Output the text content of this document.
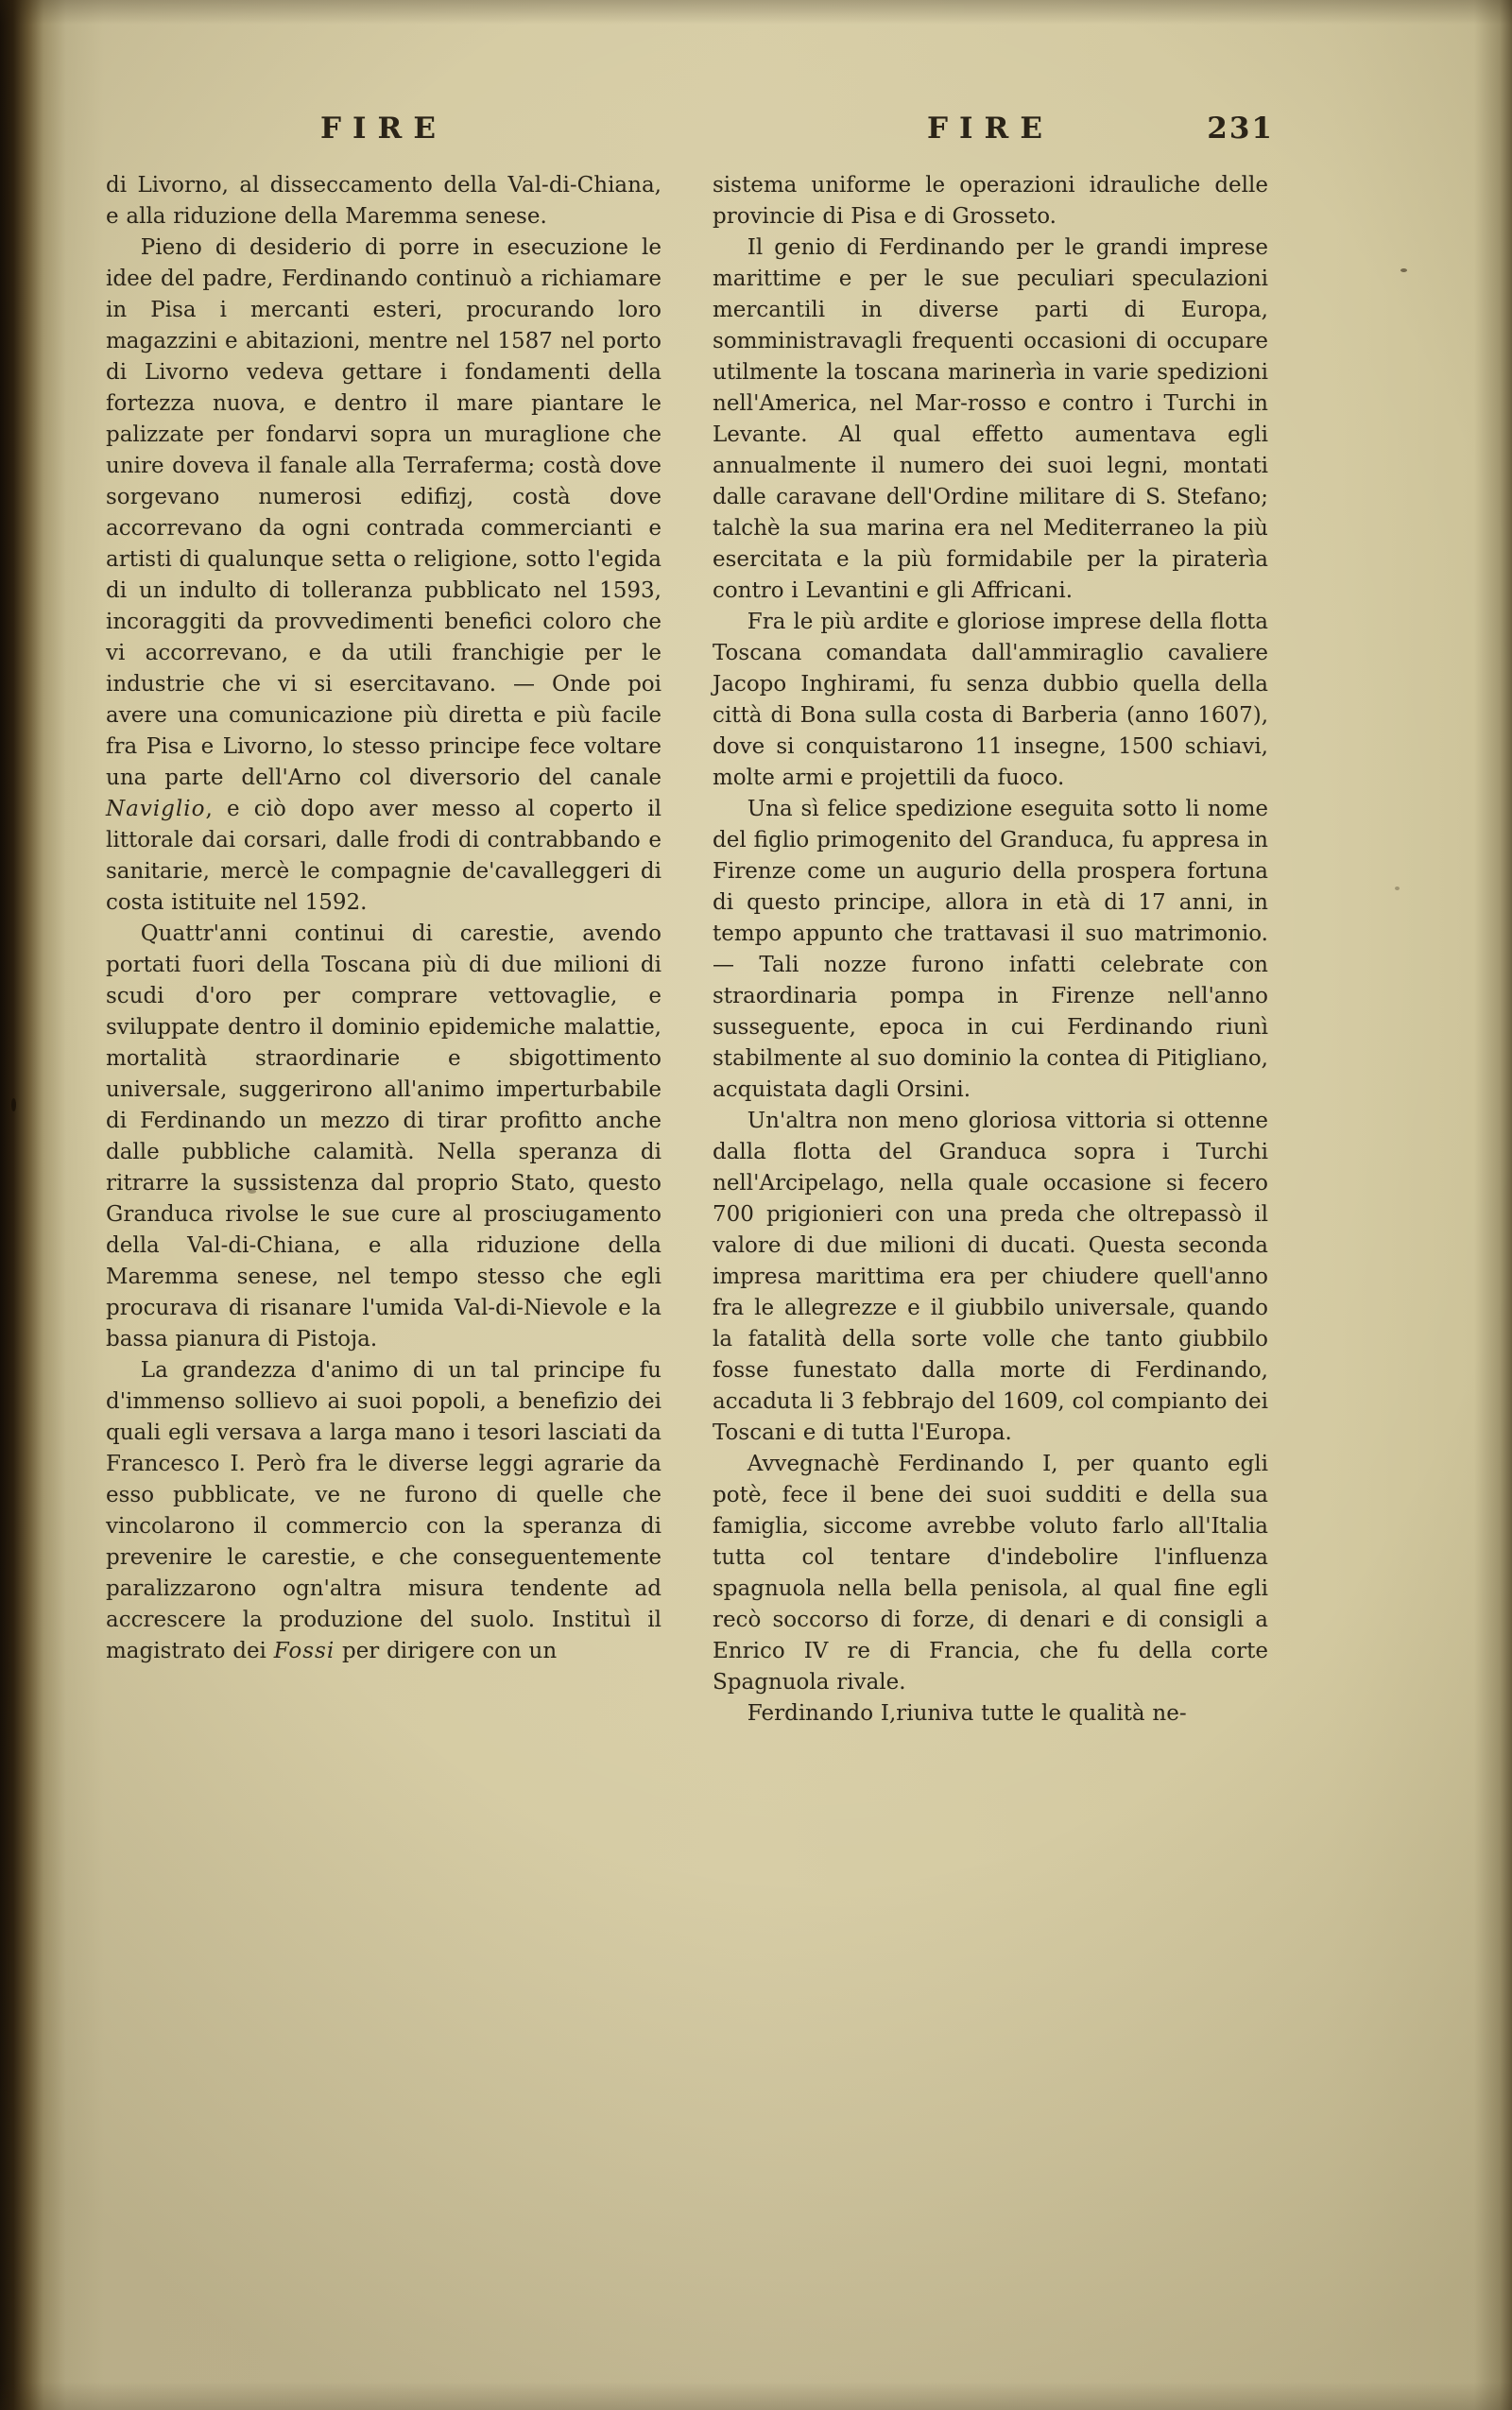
FIRE	FIRE	231

di Livorno, al disseccamento della Val-di-Chiana, e alla riduzione della Maremma senese.

Pieno di desiderio di porre in esecuzione le idee del padre, Ferdinando continuò a richiamare in Pisa i mercanti esteri, procurando loro magazzini e abitazioni, mentre nel 1587 nel porto di Livorno vedeva gettare i fondamenti della fortezza nuova, e dentro il mare piantare le palizzate per fondarvi sopra un muraglione che unire doveva il fanale alla Terraferma; costà dove sorgevano numerosi edifizj, costà dove accorrevano da ogni contrada commercianti e artisti di qualunque setta o religione, sotto l'egida di un indulto di tolleranza pubblicato nel 1593, incoraggiti da provvedimenti benefici coloro che vi accorrevano, e da utili franchigie per le industrie che vi si esercitavano. — Onde poi avere una comunicazione più diretta e più facile fra Pisa e Livorno, lo stesso principe fece voltare una parte dell'Arno col diversorio del canale Naviglio, e ciò dopo aver messo al coperto il littorale dai corsari, dalle frodi di contrabbando e sanitarie, mercè le compagnie de'cavalleggeri di costa istituite nel 1592.

Quattr'anni continui di carestie, avendo portati fuori della Toscana più di due milioni di scudi d'oro per comprare vettovaglie, e sviluppate dentro il dominio epidemiche malattie, mortalità straordinarie e sbigottimento universale, suggerirono all'animo imperturbabile di Ferdinando un mezzo di tirar profitto anche dalle pubbliche calamità. Nella speranza di ritrarre la sussistenza dal proprio Stato, questo Granduca rivolse le sue cure al prosciugamento della Val-di-Chiana, e alla riduzione della Maremma senese, nel tempo stesso che egli procurava di risanare l'umida Val-di-Nievole e la bassa pianura di Pistoja.

La grandezza d'animo di un tal principe fu d'immenso sollievo ai suoi popoli, a benefizio dei quali egli versava a larga mano i tesori lasciati da Francesco I. Però fra le diverse leggi agrarie da esso pubblicate, ve ne furono di quelle che vincolarono il commercio con la speranza di prevenire le carestie, e che conseguentemente paralizzarono ogn'altra misura tendente ad accrescere la produzione del suolo. Instituì il magistrato dei Fossi per dirigere con un

sistema uniforme le operazioni idrauliche delle provincie di Pisa e di Grosseto.

Il genio di Ferdinando per le grandi imprese marittime e per le sue peculiari speculazioni mercantili in diverse parti di Europa, somministravagli frequenti occasioni di occupare utilmente la toscana marinerìa in varie spedizioni nell'America, nel Mar-rosso e contro i Turchi in Levante. Al qual effetto aumentava egli annualmente il numero dei suoi legni, montati dalle caravane dell'Ordine militare di S. Stefano; talchè la sua marina era nel Mediterraneo la più esercitata e la più formidabile per la piraterìa contro i Levantini e gli Affricani.

Fra le più ardite e gloriose imprese della flotta Toscana comandata dall'ammiraglio cavaliere Jacopo Inghirami, fu senza dubbio quella della città di Bona sulla costa di Barberia (anno 1607), dove si conquistarono 11 insegne, 1500 schiavi, molte armi e projettili da fuoco.

Una sì felice spedizione eseguita sotto li nome del figlio primogenito del Granduca, fu appresa in Firenze come un augurio della prospera fortuna di questo principe, allora in età di 17 anni, in tempo appunto che trattavasi il suo matrimonio. — Tali nozze furono infatti celebrate con straordinaria pompa in Firenze nell'anno susseguente, epoca in cui Ferdinando riunì stabilmente al suo dominio la contea di Pitigliano, acquistata dagli Orsini.

Un'altra non meno gloriosa vittoria si ottenne dalla flotta del Granduca sopra i Turchi nell'Arcipelago, nella quale occasione si fecero 700 prigionieri con una preda che oltrepassò il valore di due milioni di ducati. Questa seconda impresa marittima era per chiudere quell'anno fra le allegrezze e il giubbilo universale, quando la fatalità della sorte volle che tanto giubbilo fosse funestato dalla morte di Ferdinando, accaduta li 3 febbrajo del 1609, col compianto dei Toscani e di tutta l'Europa.

Avvegnachè Ferdinando I, per quanto egli potè, fece il bene dei suoi sudditi e della sua famiglia, siccome avrebbe voluto farlo all'Italia tutta col tentare d'indebolire l'influenza spagnuola nella bella penisola, al qual fine egli recò soccorso di forze, di denari e di consigli a Enrico IV re di Francia, che fu della corte Spagnuola rivale.

Ferdinando I,riuniva tutte le qualità ne-
